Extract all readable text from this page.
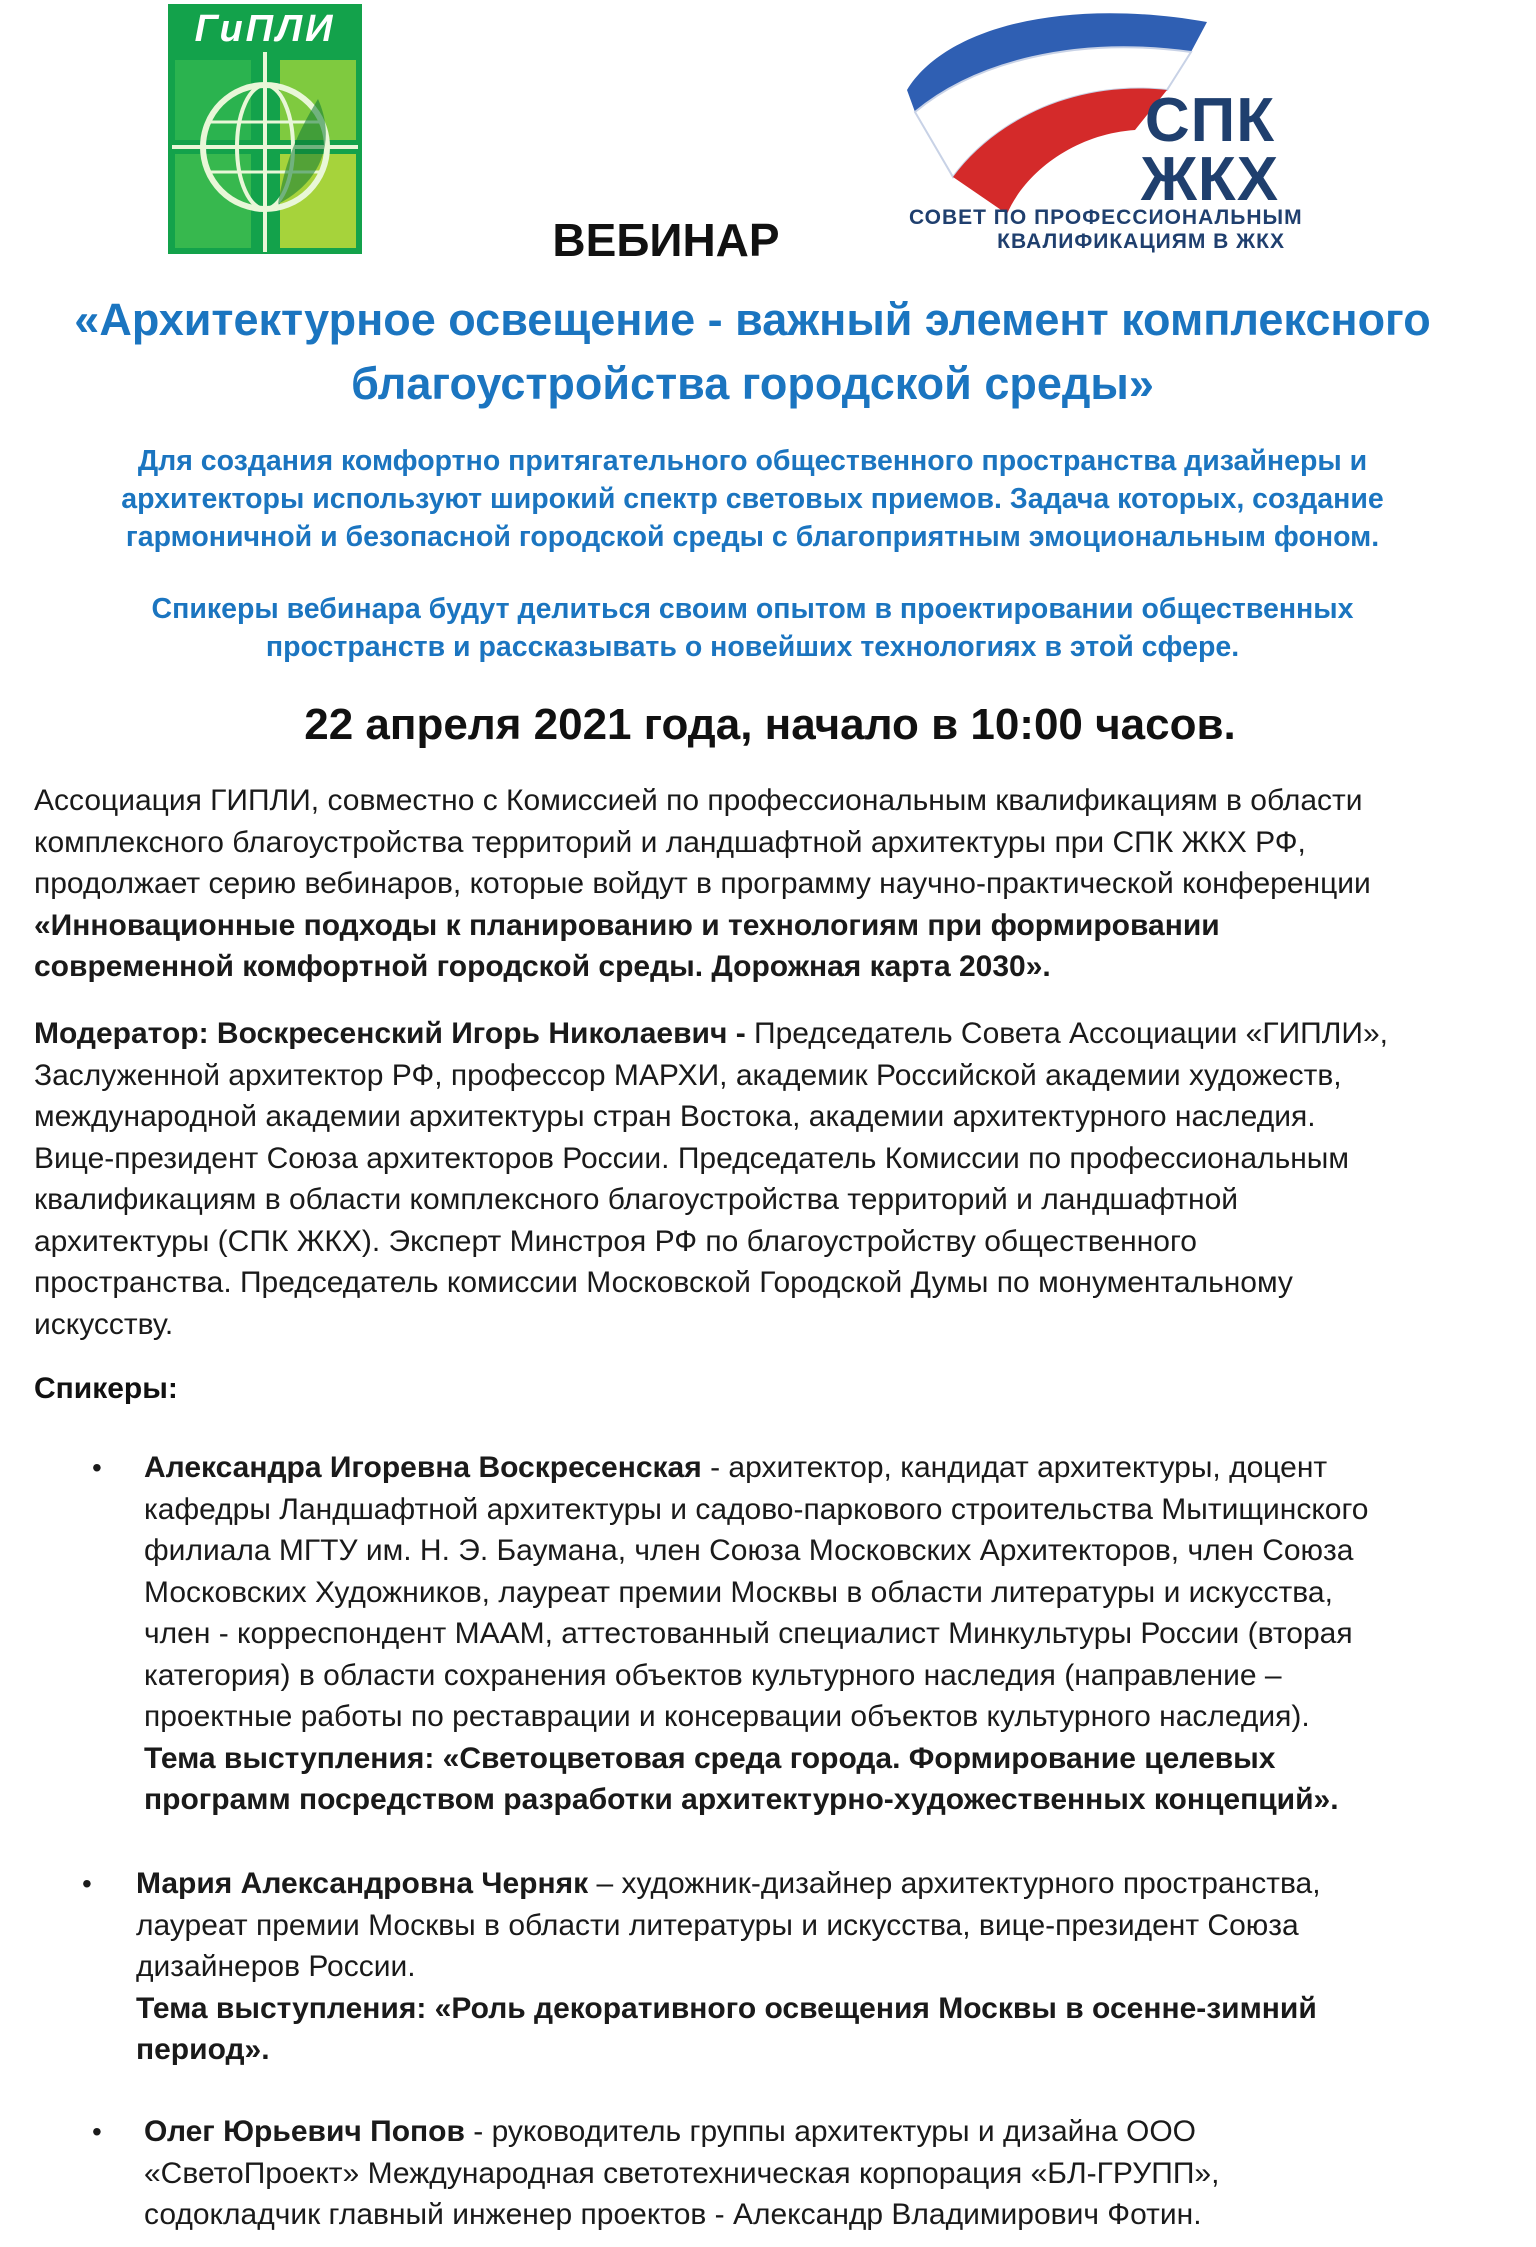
ГиПЛИ
СПК
ЖКХ
СОВЕТ ПО ПРОФЕССИОНАЛЬНЫМ
КВАЛИФИКАЦИЯМ В ЖКХ
ВЕБИНАР
«Архитектурное освещение - важный элемент комплексного
благоустройства городской среды»
Для создания комфортно притягательного общественного пространства дизайнеры и
архитекторы используют широкий спектр световых приемов. Задача которых, создание
гармоничной и безопасной городской среды с благоприятным эмоциональным фоном.
Спикеры вебинара будут делиться своим опытом в проектировании общественных
пространств и рассказывать о новейших технологиях в этой сфере.
22 апреля 2021 года, начало в 10:00 часов.
Ассоциация ГИПЛИ, совместно с Комиссией по профессиональным квалификациям в области
комплексного благоустройства территорий и ландшафтной архитектуры при СПК ЖКХ РФ,
продолжает серию вебинаров, которые войдут в программу научно-практической конференции
«Инновационные подходы к планированию и технологиям при формировании
современной комфортной городской среды. Дорожная карта 2030».
Модератор: Воскресенский Игорь Николаевич - Председатель Совета Ассоциации «ГИПЛИ»,
Заслуженной архитектор РФ, профессор МАРХИ, академик Российской академии художеств,
международной академии архитектуры стран Востока, академии архитектурного наследия.
Вице-президент Союза архитекторов России. Председатель Комиссии по профессиональным
квалификациям в области комплексного благоустройства территорий и ландшафтной
архитектуры (СПК ЖКХ). Эксперт Минстроя РФ по благоустройству общественного
пространства. Председатель комиссии Московской Городской Думы по монументальному
искусству.
Спикеры:
• Александра Игоревна Воскресенская - архитектор, кандидат архитектуры, доцент
кафедры Ландшафтной архитектуры и садово-паркового строительства Мытищинского
филиала МГТУ им. Н. Э. Баумана, член Союза Московских Архитекторов, член Союза
Московских Художников, лауреат премии Москвы в области литературы и искусства,
член - корреспондент МААМ, аттестованный специалист Минкультуры России (вторая
категория) в области сохранения объектов культурного наследия (направление –
проектные работы по реставрации и консервации объектов культурного наследия).
Тема выступления: «Светоцветовая среда города. Формирование целевых
программ посредством разработки архитектурно-художественных концепций».
• Мария Александровна Черняк – художник-дизайнер архитектурного пространства,
лауреат премии Москвы в области литературы и искусства, вице-президент Союза
дизайнеров России.
Тема выступления: «Роль декоративного освещения Москвы в осенне-зимний
период».
• Олег Юрьевич Попов - руководитель группы архитектуры и дизайна ООО
«СветоПроект» Международная светотехническая корпорация «БЛ-ГРУПП»,
содокладчик главный инженер проектов - Александр Владимирович Фотин.
